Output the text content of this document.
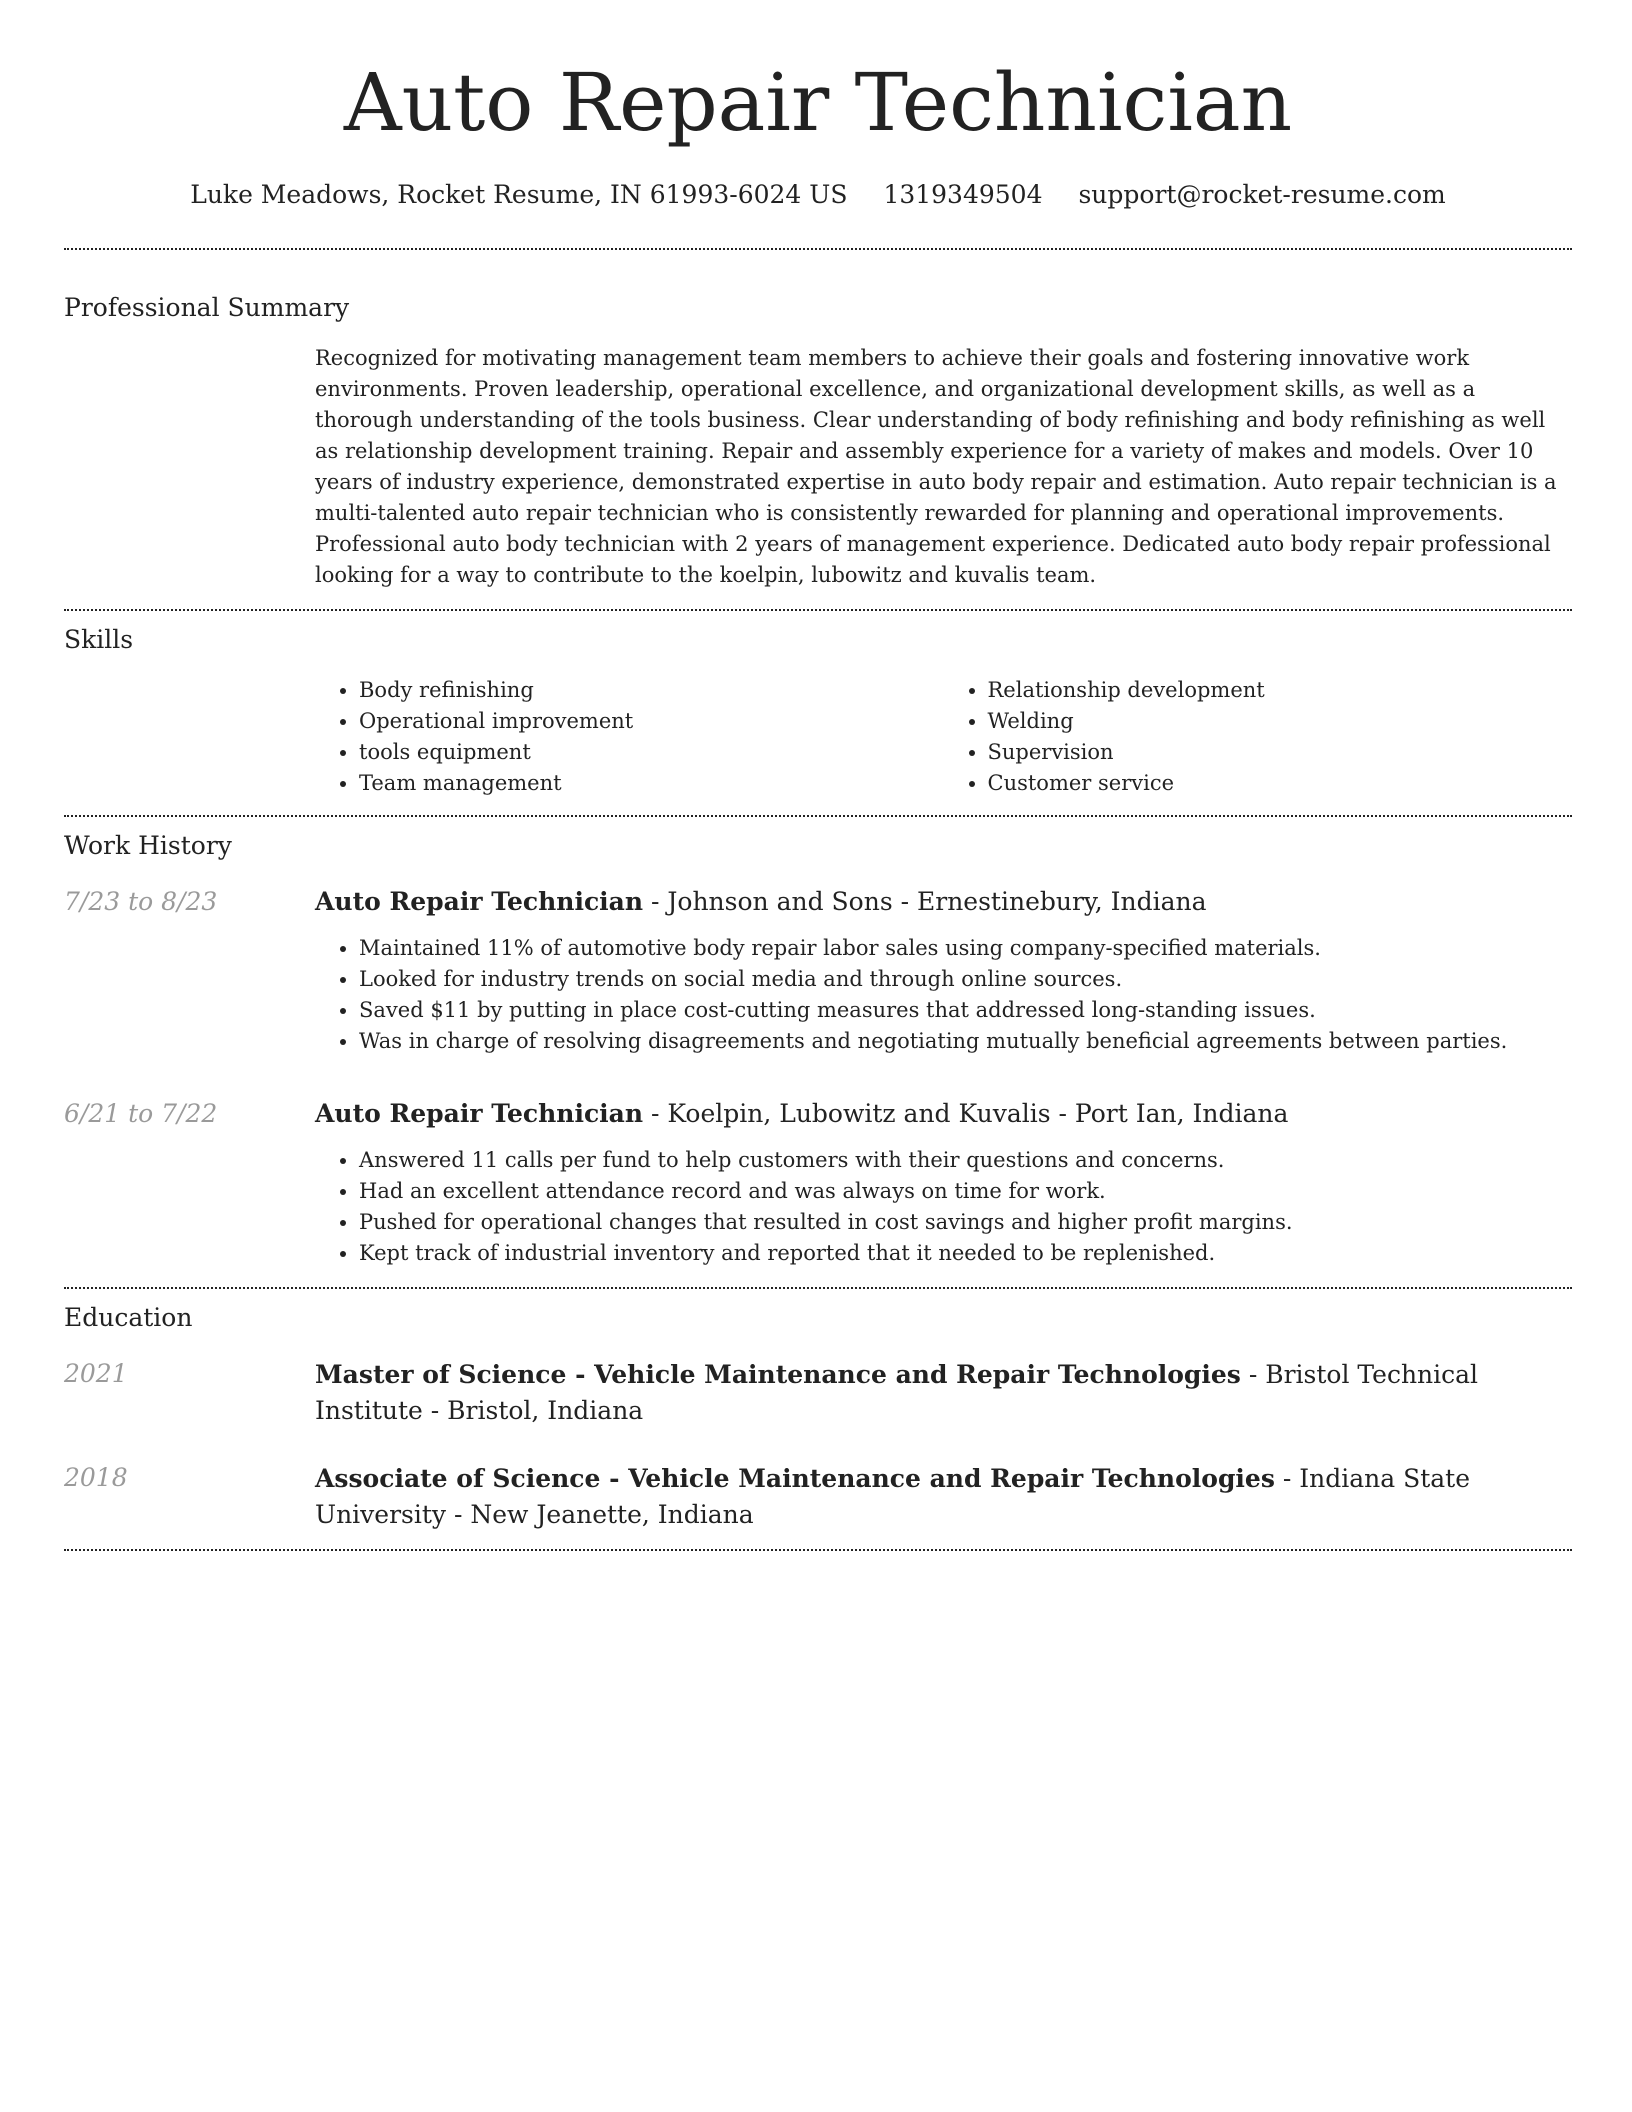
Auto Repair Technician
Luke Meadows, Rocket Resume, IN 61993-6024 US 1319349504 support@rocket-resume.com
Professional Summary

Recognized for motivating management team members to achieve their goals and fostering innovative work environments. Proven leadership, operational excellence, and organizational development skills, as well as a thorough understanding of the tools business. Clear understanding of body refinishing and body refinishing as well as relationship development training. Repair and assembly experience for a variety of makes and models. Over 10 years of industry experience, demonstrated expertise in auto body repair and estimation. Auto repair technician is a multi-talented auto repair technician who is consistently rewarded for planning and operational improvements. Professional auto body technician with 2 years of management experience. Dedicated auto body repair professional looking for a way to contribute to the koelpin, lubowitz and kuvalis team.

Skills
• Body refinishing
• Operational improvement
• tools equipment
• Team management
• Relationship development
• Welding
• Supervision
• Customer service
Work History
7/23 to 8/23	Auto Repair Technician - Johnson and Sons - Ernestinebury, Indiana
• Maintained 11% of automotive body repair labor sales using company-specified materials.
• Looked for industry trends on social media and through online sources.
• Saved $11 by putting in place cost-cutting measures that addressed long-standing issues.
• Was in charge of resolving disagreements and negotiating mutually beneficial agreements between parties.
6/21 to 7/22	Auto Repair Technician - Koelpin, Lubowitz and Kuvalis - Port Ian, Indiana
• Answered 11 calls per fund to help customers with their questions and concerns.
• Had an excellent attendance record and was always on time for work.
• Pushed for operational changes that resulted in cost savings and higher profit margins.
• Kept track of industrial inventory and reported that it needed to be replenished.
Education
2021	Master of Science - Vehicle Maintenance and Repair Technologies - Bristol Technical Institute - Bristol, Indiana
2018	Associate of Science - Vehicle Maintenance and Repair Technologies - Indiana State University - New Jeanette, Indiana
